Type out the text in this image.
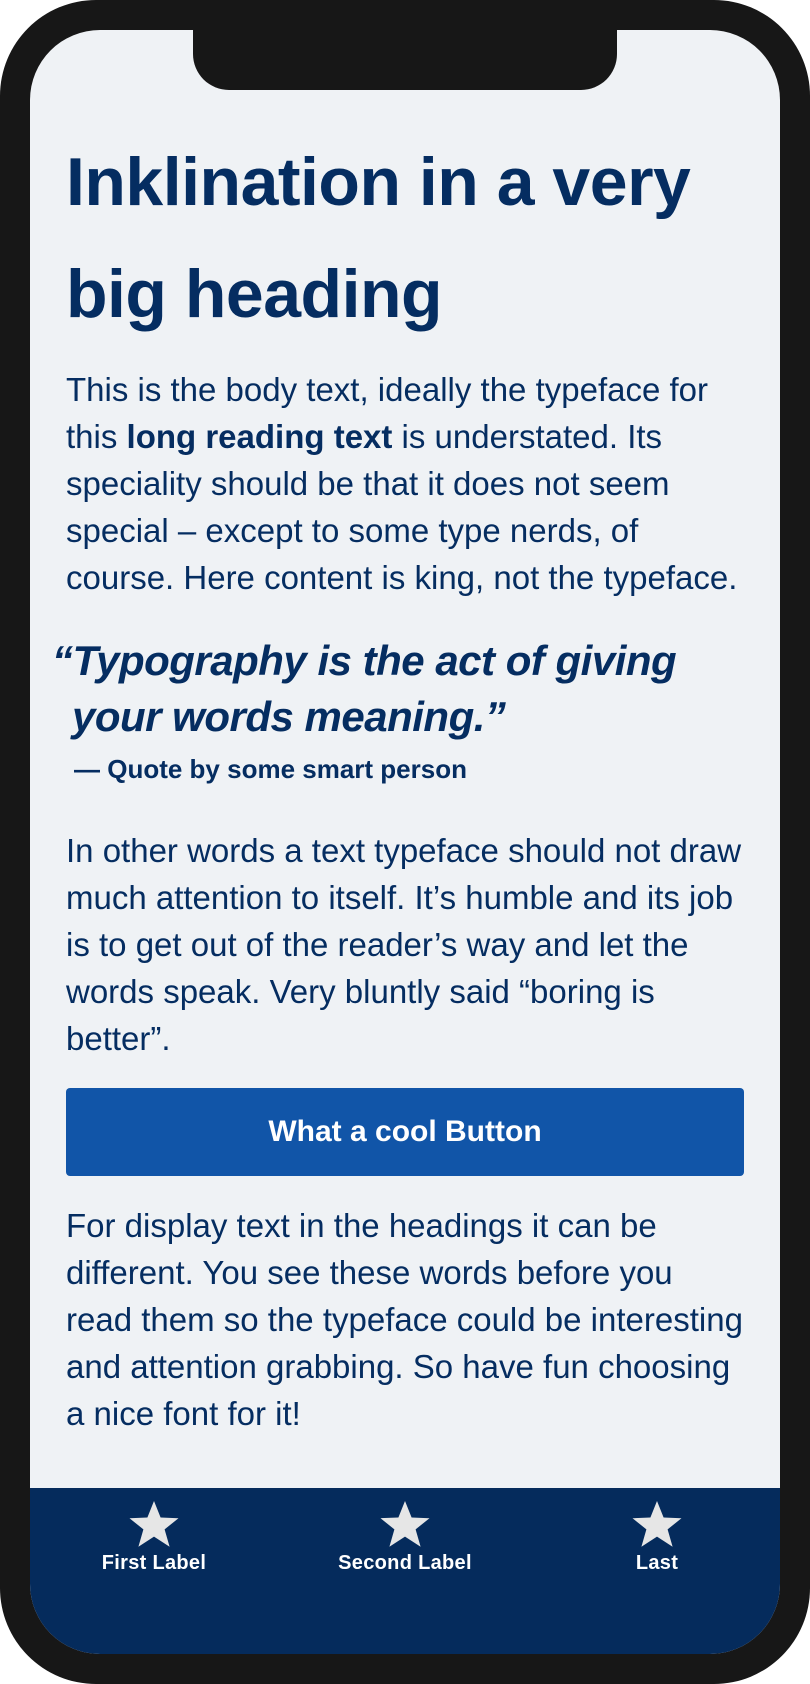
Inklination in a very big heading

This is the body text, ideally the typeface for this long reading text is understated. Its speciality should be that it does not seem special – except to some type nerds, of course. Here content is king, not the typeface.

“Typography is the act of giving
your words meaning.”
— Quote by some smart person

In other words a text typeface should not draw much attention to itself. It’s humble and its job is to get out of the reader’s way and let the words speak. Very bluntly said “boring is better”.

What a cool Button

For display text in the headings it can be different. You see these words before you read them so the typeface could be interesting and attention grabbing. So have fun choosing a nice font for it!

First Label	Second Label	Last
